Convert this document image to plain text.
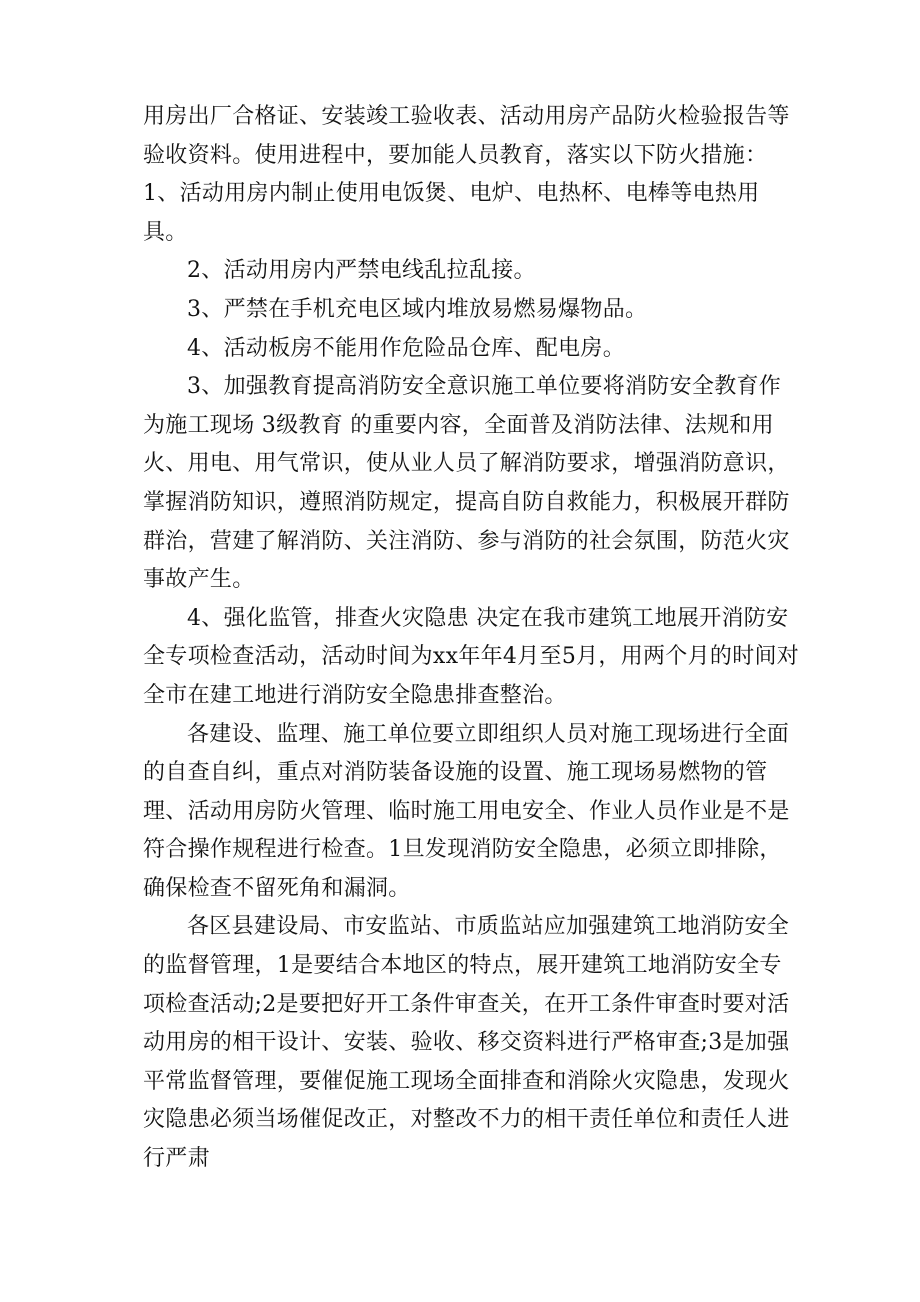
用房出厂合格证、安装竣工验收表、活动用房产品防火检验报告等验收资料。使用进程中，要加能人员教育，落实以下防火措施： 1、活动用房内制止使用电饭煲、电炉、电热杯、电棒等电热用具。

2、活动用房内严禁电线乱拉乱接。

3、严禁在手机充电区域内堆放易燃易爆物品。

4、活动板房不能用作危险品仓库、配电房。

3、加强教育提高消防安全意识施工单位要将消防安全教育作为施工现场 3级教育 的重要内容，全面普及消防法律、法规和用火、用电、用气常识，使从业人员了解消防要求，增强消防意识，掌握消防知识，遵照消防规定，提高自防自救能力，积极展开群防群治，营建了解消防、关注消防、参与消防的社会氛围，防范火灾事故产生。

4、强化监管，排查火灾隐患 决定在我市建筑工地展开消防安全专项检查活动，活动时间为xx年年4月至5月，用两个月的时间对全市在建工地进行消防安全隐患排查整治。

各建设、监理、施工单位要立即组织人员对施工现场进行全面的自查自纠，重点对消防装备设施的设置、施工现场易燃物的管理、活动用房防火管理、临时施工用电安全、作业人员作业是不是符合操作规程进行检查。1旦发现消防安全隐患，必须立即排除，确保检查不留死角和漏洞。

各区县建设局、市安监站、市质监站应加强建筑工地消防安全的监督管理，1是要结合本地区的特点，展开建筑工地消防安全专项检查活动;2是要把好开工条件审查关，在开工条件审查时要对活动用房的相干设计、安装、验收、移交资料进行严格审查;3是加强平常监督管理，要催促施工现场全面排查和消除火灾隐患，发现火灾隐患必须当场催促改正，对整改不力的相干责任单位和责任人进行严肃
